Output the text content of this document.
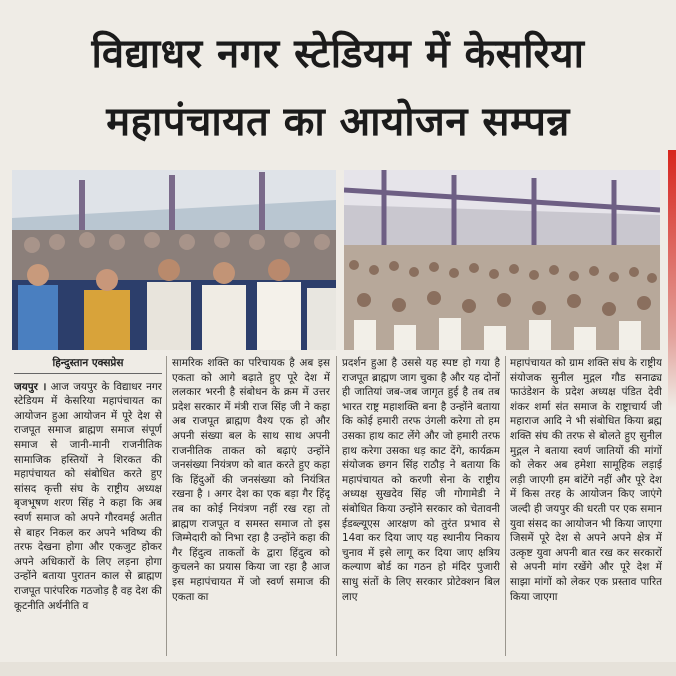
विद्याधर नगर स्टेडियम में केसरिया
महापंचायत का आयोजन सम्पन्न
हिन्दुस्तान एक्सप्रेस
जयपुर । आज जयपुर के विद्याधर नगर स्टेडियम में केसरिया महापंचायत का आयोजन हुआ आयोजन में पूरे देश से राजपूत समाज ब्राह्मण समाज संपूर्ण समाज से जानी-मानी राजनीतिक सामाजिक हस्तियों ने शिरकत की महापंचायत को संबोधित करते हुए सांसद कृत्ती संघ के राष्ट्रीय अध्यक्ष बृजभूषण शरण सिंह ने कहा कि अब स्वर्ण समाज को अपने गौरवमई अतीत से बाहर निकल कर अपने भविष्य की तरफ देखना होगा और एकजुट होकर अपने अधिकारों के लिए लड़ना होगा उन्होंने बताया पुरातन काल से ब्राह्मण राजपूत पारंपरिक गठजोड़ है वह देश की कूटनीति अर्थनीति व
सामरिक शक्ति का परिचायक है अब इस एकता को आगे बढ़ाते हुए पूरे देश में ललकार भरनी है संबोधन के क्रम में उत्तर प्रदेश सरकार में मंत्री राज सिंह जी ने कहा अब राजपूत ब्राह्मण वैश्य एक हो और अपनी संख्या बल के साथ साथ अपनी राजनीतिक ताकत को बढ़ाएं उन्होंने जनसंख्या नियंत्रण को बात करते हुए कहा कि हिंदुओं की जनसंख्या को नियंत्रित रखना है । अगर देश का एक बड़ा गैर हिंदू तब का कोई नियंत्रण नहीं रख रहा तो ब्राह्मण राजपूत व समस्त समाज तो इस जिम्मेदारी को निभा रहा है उन्होंने कहा की गैर हिंदुत्व ताकतों के द्वारा हिंदुत्व को कुचलने का प्रयास किया जा रहा है आज इस महापंचायत में जो स्वर्ण समाज की एकता का
प्रदर्शन हुआ है उससे यह स्पष्ट हो गया है राजपूत ब्राह्मण जाग चुका है और यह दोनों ही जातियां जब-जब जागृत हुई है तब तब भारत राष्ट्र महाशक्ति बना है उन्होंने बताया कि कोई हमारी तरफ उंगली करेगा तो हम उसका हाथ काट लेंगे और जो हमारी तरफ हाथ करेगा उसका धड़ काट देंगे, कार्यक्रम संयोजक छगन सिंह राठौड़ ने बताया कि महापंचायत को करणी सेना के राष्ट्रीय अध्यक्ष सुखदेव सिंह जी गोगामेडी ने संबोधित किया उन्होंने सरकार को चेतावनी ईडब्ल्यूएस आरक्षण को तुरंत प्रभाव से 14वा कर दिया जाए यह स्थानीय निकाय चुनाव में इसे लागू कर दिया जाए क्षत्रिय कल्याण बोर्ड का गठन हो मंदिर पुजारी साधु संतों के लिए सरकार प्रोटेक्शन बिल लाए
महापंचायत को ग्राम शक्ति संघ के राष्ट्रीय संयोजक सुनील मुद्गल गौड सनाढ्य फाउंडेशन के प्रदेश अध्यक्ष पंडित देवी शंकर शर्मा संत समाज के राष्ट्राचार्य जी महाराज आदि ने भी संबोधित किया ब्रह्म शक्ति संघ की तरफ से बोलते हुए सुनील मुद्गल ने बताया स्वर्ण जातियों की मांगों को लेकर अब हमेशा सामूहिक लड़ाई लड़ी जाएगी हम बांटेंगे नहीं और पूरे देश में किस तरह के आयोजन किए जाएंगे जल्दी ही जयपुर की धरती पर एक समान युवा संसद का आयोजन भी किया जाएगा जिसमें पूरे देश से अपने अपने क्षेत्र में उत्कृष्ट युवा अपनी बात रख कर सरकारों से अपनी मांग रखेंगे और पूरे देश में साझा मांगों को लेकर एक प्रस्ताव पारित किया जाएगा
